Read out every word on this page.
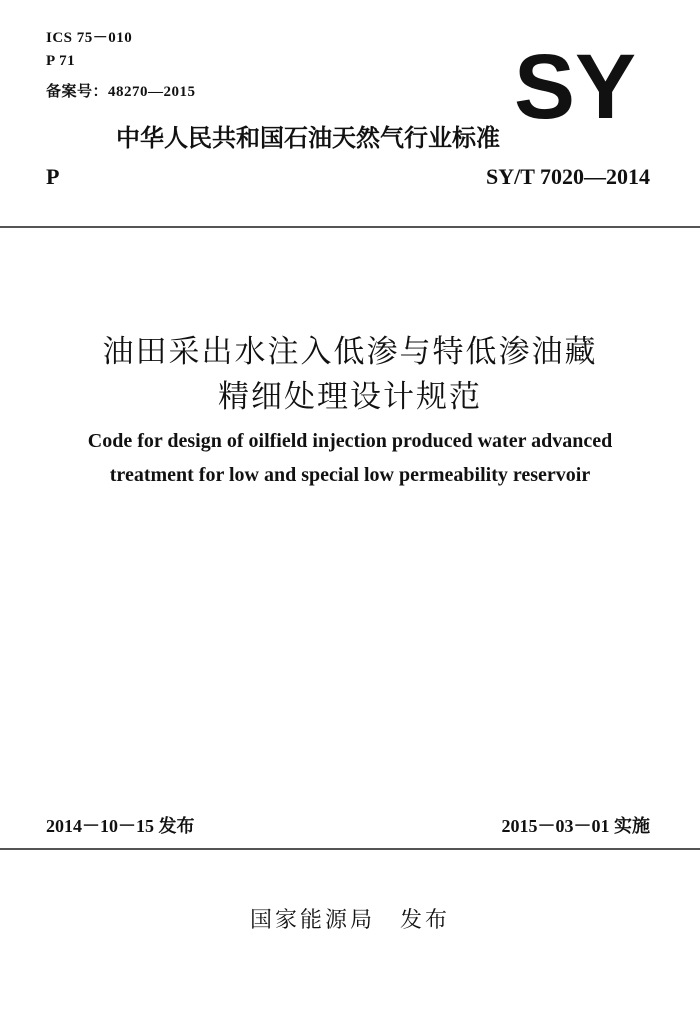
ICS 75－010
P 71
备案号：48270—2015	SY
中华人民共和国石油天然气行业标准
P	SY/T 7020—2014
油田采出水注入低渗与特低渗油藏
精细处理设计规范
Code for design of oilfield injection produced water advanced
treatment for low and special low permeability reservoir
2014－10－15 发布	2015－03－01 实施
国家能源局　发布
